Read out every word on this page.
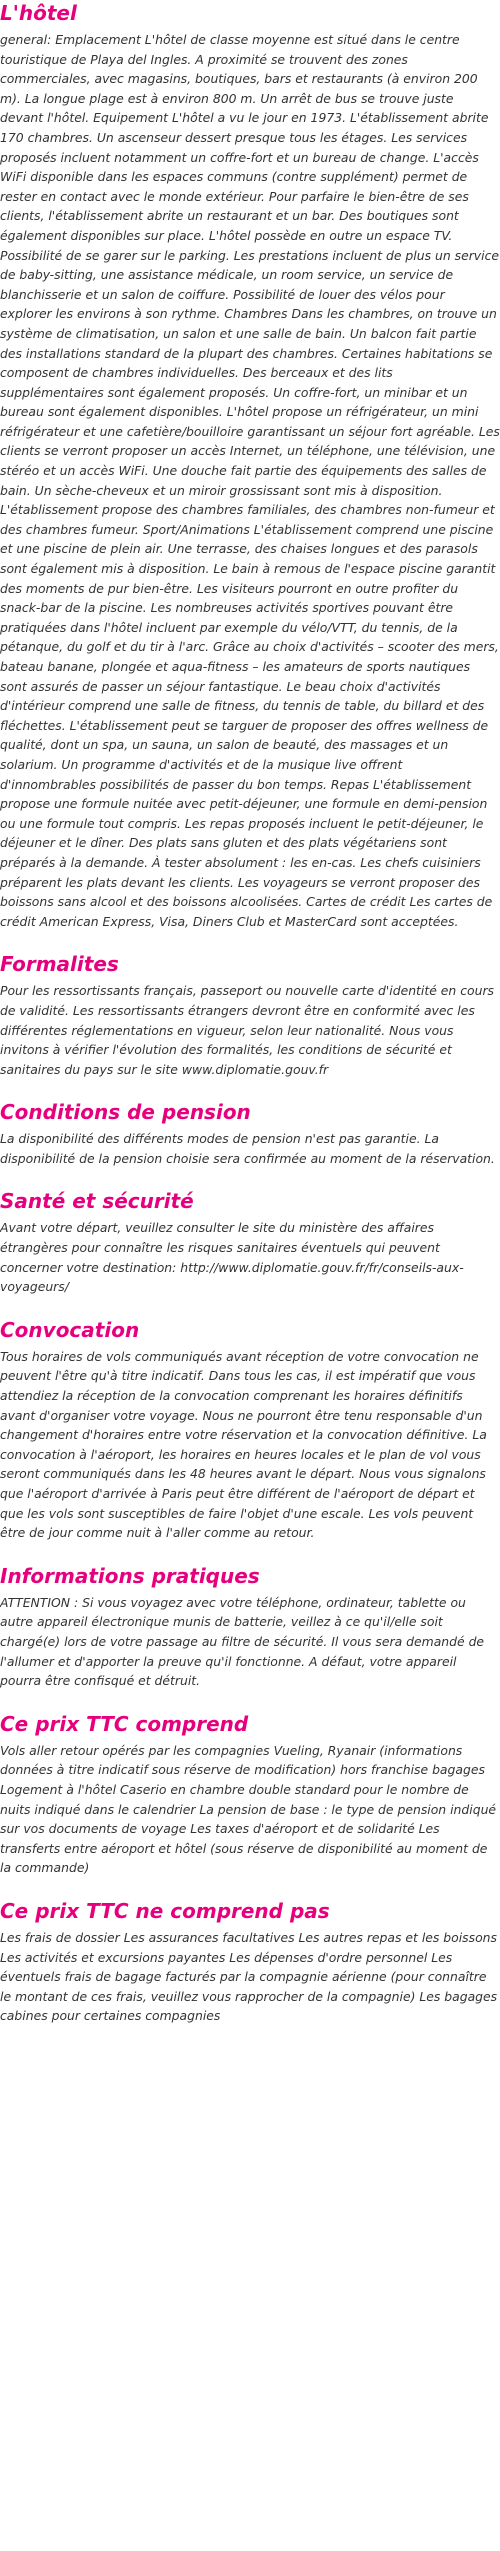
L'hôtel

general: Emplacement L'hôtel de classe moyenne est situé dans le centre touristique de Playa del Ingles. A proximité se trouvent des zones commerciales, avec magasins, boutiques, bars et restaurants (à environ 200 m). La longue plage est à environ 800 m. Un arrêt de bus se trouve juste devant l'hôtel. Equipement L'hôtel a vu le jour en 1973. L'établissement abrite 170 chambres. Un ascenseur dessert presque tous les étages. Les services proposés incluent notamment un coffre-fort et un bureau de change. L'accès WiFi disponible dans les espaces communs (contre supplément) permet de rester en contact avec le monde extérieur. Pour parfaire le bien-être de ses clients, l'établissement abrite un restaurant et un bar. Des boutiques sont également disponibles sur place. L'hôtel possède en outre un espace TV. Possibilité de se garer sur le parking. Les prestations incluent de plus un service de baby-sitting, une assistance médicale, un room service, un service de blanchisserie et un salon de coiffure. Possibilité de louer des vélos pour explorer les environs à son rythme. Chambres Dans les chambres, on trouve un système de climatisation, un salon et une salle de bain. Un balcon fait partie des installations standard de la plupart des chambres. Certaines habitations se composent de chambres individuelles. Des berceaux et des lits supplémentaires sont également proposés. Un coffre-fort, un minibar et un bureau sont également disponibles. L'hôtel propose un réfrigérateur, un mini réfrigérateur et une cafetière/bouilloire garantissant un séjour fort agréable. Les clients se verront proposer un accès Internet, un téléphone, une télévision, une stéréo et un accès WiFi. Une douche fait partie des équipements des salles de bain. Un sèche-cheveux et un miroir grossissant sont mis à disposition. L'établissement propose des chambres familiales, des chambres non-fumeur et des chambres fumeur. Sport/Animations L'établissement comprend une piscine et une piscine de plein air. Une terrasse, des chaises longues et des parasols sont également mis à disposition. Le bain à remous de l'espace piscine garantit des moments de pur bien-être. Les visiteurs pourront en outre profiter du snack-bar de la piscine. Les nombreuses activités sportives pouvant être pratiquées dans l'hôtel incluent par exemple du vélo/VTT, du tennis, de la pétanque, du golf et du tir à l'arc. Grâce au choix d'activités – scooter des mers, bateau banane, plongée et aqua-fitness – les amateurs de sports nautiques sont assurés de passer un séjour fantastique. Le beau choix d'activités d'intérieur comprend une salle de fitness, du tennis de table, du billard et des fléchettes. L'établissement peut se targuer de proposer des offres wellness de qualité, dont un spa, un sauna, un salon de beauté, des massages et un solarium. Un programme d'activités et de la musique live offrent d'innombrables possibilités de passer du bon temps. Repas L'établissement propose une formule nuitée avec petit-déjeuner, une formule en demi-pension ou une formule tout compris. Les repas proposés incluent le petit-déjeuner, le déjeuner et le dîner. Des plats sans gluten et des plats végétariens sont préparés à la demande. À tester absolument : les en-cas. Les chefs cuisiniers préparent les plats devant les clients. Les voyageurs se verront proposer des boissons sans alcool et des boissons alcoolisées. Cartes de crédit Les cartes de crédit American Express, Visa, Diners Club et MasterCard sont acceptées.

Formalites

Pour les ressortissants français, passeport ou nouvelle carte d'identité en cours de validité. Les ressortissants étrangers devront être en conformité avec les différentes réglementations en vigueur, selon leur nationalité. Nous vous invitons à vérifier l'évolution des formalités, les conditions de sécurité et sanitaires du pays sur le site www.diplomatie.gouv.fr

Conditions de pension

La disponibilité des différents modes de pension n'est pas garantie. La disponibilité de la pension choisie sera confirmée au moment de la réservation.

Santé et sécurité

Avant votre départ, veuillez consulter le site du ministère des affaires étrangères pour connaître les risques sanitaires éventuels qui peuvent concerner votre destination: http://www.diplomatie.gouv.fr/fr/conseils-aux-voyageurs/

Convocation

Tous horaires de vols communiqués avant réception de votre convocation ne peuvent l'être qu'à titre indicatif. Dans tous les cas, il est impératif que vous attendiez la réception de la convocation comprenant les horaires définitifs avant d'organiser votre voyage. Nous ne pourront être tenu responsable d'un changement d'horaires entre votre réservation et la convocation définitive. La convocation à l'aéroport, les horaires en heures locales et le plan de vol vous seront communiqués dans les 48 heures avant le départ. Nous vous signalons que l'aéroport d'arrivée à Paris peut être différent de l'aéroport de départ et que les vols sont susceptibles de faire l'objet d'une escale. Les vols peuvent être de jour comme nuit à l'aller comme au retour.

Informations pratiques

ATTENTION : Si vous voyagez avec votre téléphone, ordinateur, tablette ou autre appareil électronique munis de batterie, veillez à ce qu'il/elle soit chargé(e) lors de votre passage au filtre de sécurité. Il vous sera demandé de l'allumer et d'apporter la preuve qu'il fonctionne. A défaut, votre appareil pourra être confisqué et détruit.

Ce prix TTC comprend

Vols aller retour opérés par les compagnies Vueling, Ryanair (informations données à titre indicatif sous réserve de modification) hors franchise bagages Logement à l'hôtel Caserio en chambre double standard pour le nombre de nuits indiqué dans le calendrier La pension de base : le type de pension indiqué sur vos documents de voyage Les taxes d'aéroport et de solidarité Les transferts entre aéroport et hôtel (sous réserve de disponibilité au moment de la commande)

Ce prix TTC ne comprend pas

Les frais de dossier Les assurances facultatives Les autres repas et les boissons Les activités et excursions payantes Les dépenses d'ordre personnel Les éventuels frais de bagage facturés par la compagnie aérienne (pour connaître le montant de ces frais, veuillez vous rapprocher de la compagnie) Les bagages cabines pour certaines compagnies
